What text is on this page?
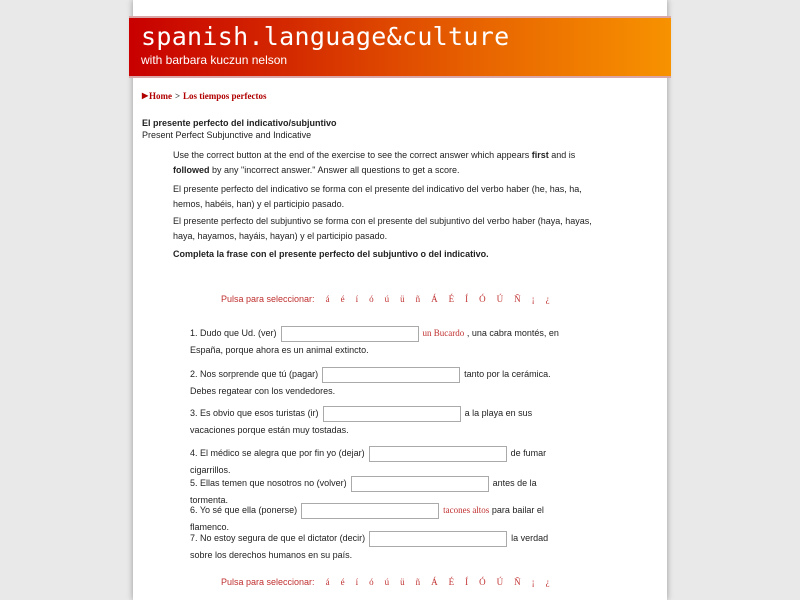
spanish.language&culture
with barbara kuczun nelson
▶ Home > Los tiempos perfectos
El presente perfecto del indicativo/subjuntivo
Present Perfect Subjunctive and Indicative
Use the correct button at the end of the exercise to see the correct answer which appears first and is followed by any "incorrect answer." Answer all questions to get a score.
El presente perfecto del indicativo se forma con el presente del indicativo del verbo haber (he, has, ha, hemos, habéis, han) y el participio pasado.
El presente perfecto del subjuntivo se forma con el presente del subjuntivo del verbo haber (haya, hayas, haya, hayamos, hayáis, hayan) y el participio pasado.
Completa la frase con el presente perfecto del subjuntivo o del indicativo.
Pulsa para seleccionar: á é í ó ú ü ñ Á É Í Ó Ú Ñ ¡ ¿
1. Dudo que Ud. (ver)	un Bucardo , una cabra montés, en España, porque ahora es un animal extincto.
2. Nos sorprende que tú (pagar)	tanto por la cerámica. Debes regatear con los vendedores.
3. Es obvio que esos turistas (ir)	a la playa en sus vacaciones porque están muy tostadas.
4. El médico se alegra que por fin yo (dejar)	de fumar cigarrillos.
5. Ellas temen que nosotros no (volver)	antes de la tormenta.
6. Yo sé que ella (ponerse)	tacones altos para bailar el flamenco.
7. No estoy segura de que el dictator (decir)	la verdad sobre los derechos humanos en su país.
Pulsa para seleccionar: á é í ó ú ü ñ Á É Í Ó Ú Ñ ¡ ¿
